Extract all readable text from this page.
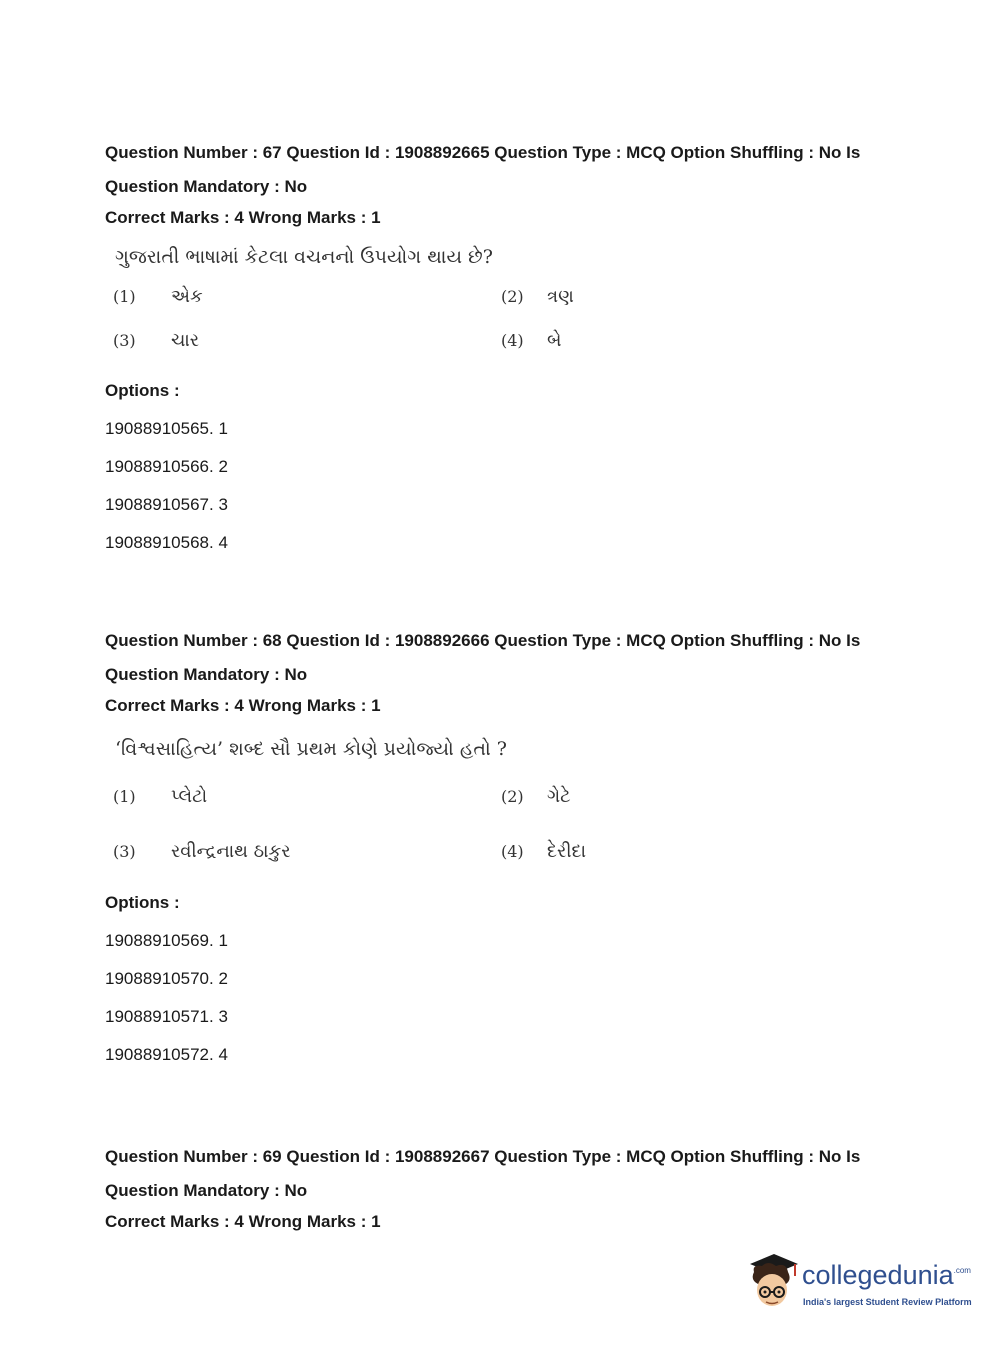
Question Number : 67 Question Id : 1908892665 Question Type : MCQ Option Shuffling : No Is
Question Mandatory : No
Correct Marks : 4 Wrong Marks : 1
ગુજરાતી ભાષામાં કેટલા વચનનો ઉપયોગ થાય છે?
(1) એક	(2) ત્રણ
(3) ચાર	(4) બે
Options :
19088910565. 1
19088910566. 2
19088910567. 3
19088910568. 4
Question Number : 68 Question Id : 1908892666 Question Type : MCQ Option Shuffling : No Is
Question Mandatory : No
Correct Marks : 4 Wrong Marks : 1
‘વિશ્વસાહિત્ય’ શબ્દ સૌ પ્રથમ કોણે પ્રયોજ્યો હતો ?
(1) પ્લેટો	(2) ગેટે
(3) રવીન્દ્રનાથ ઠાકુર	(4) દેરીદા
Options :
19088910569. 1
19088910570. 2
19088910571. 3
19088910572. 4
Question Number : 69 Question Id : 1908892667 Question Type : MCQ Option Shuffling : No Is
Question Mandatory : No
Correct Marks : 4 Wrong Marks : 1
collegedunia$^{.com}$
India's largest Student Review Platform
